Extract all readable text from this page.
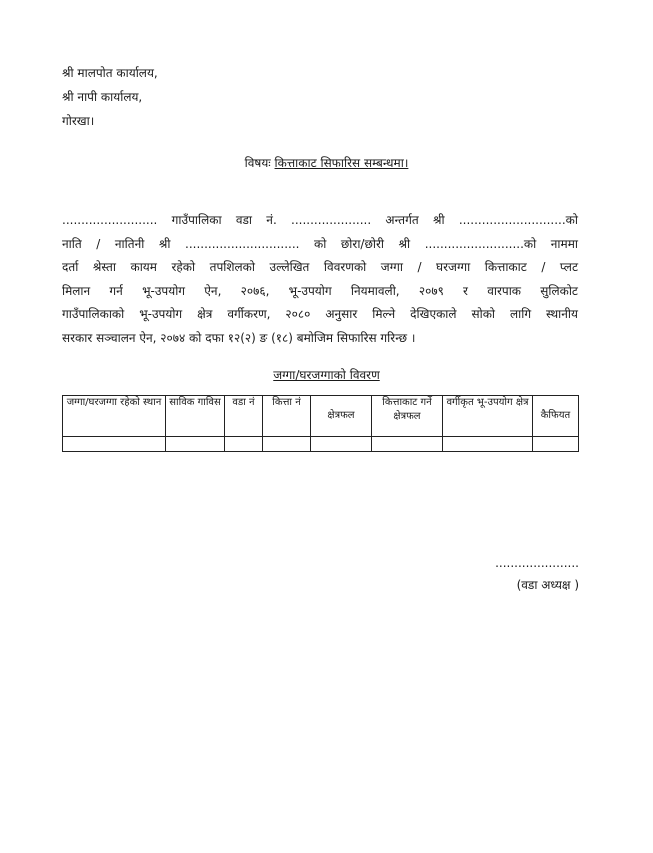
श्री मालपोत कार्यालय,
श्री नापी कार्यालय,
गोरखा।
विषयः कित्ताकाट सिफारिस सम्बन्धमा।
......................... गाउँपालिका वडा नं. ..................... अन्तर्गत श्री ............................को
नाति / नातिनी श्री .............................. को छोरा/छोरी श्री ..........................को नाममा
दर्ता श्रेस्ता कायम रहेको तपशिलको उल्लेखित विवरणको जग्गा / घरजग्गा कित्ताकाट / प्लट
मिलान गर्न भू-उपयोग ऐन, २०७६, भू-उपयोग नियमावली, २०७९ र वारपाक सुलिकोट
गाउँपालिकाको भू-उपयोग क्षेत्र वर्गीकरण, २०८० अनुसार मिल्ने देखिएकाले सोको लागि स्थानीय
सरकार सञ्चालन ऐन, २०७४ को दफा १२(२) ङ (१८) बमोजिम सिफारिस गरिन्छ ।
जग्गा/घरजग्गाको विवरण
जग्गा/घरजग्गा रहेको स्थान	साविक गाविस	वडा नं	कित्ता नं	क्षेत्रफल	कित्ताकाट गर्ने क्षेत्रफल	वर्गीकृत भू-उपयोग क्षेत्र	कैफियत

......................
(वडा अध्यक्ष )
